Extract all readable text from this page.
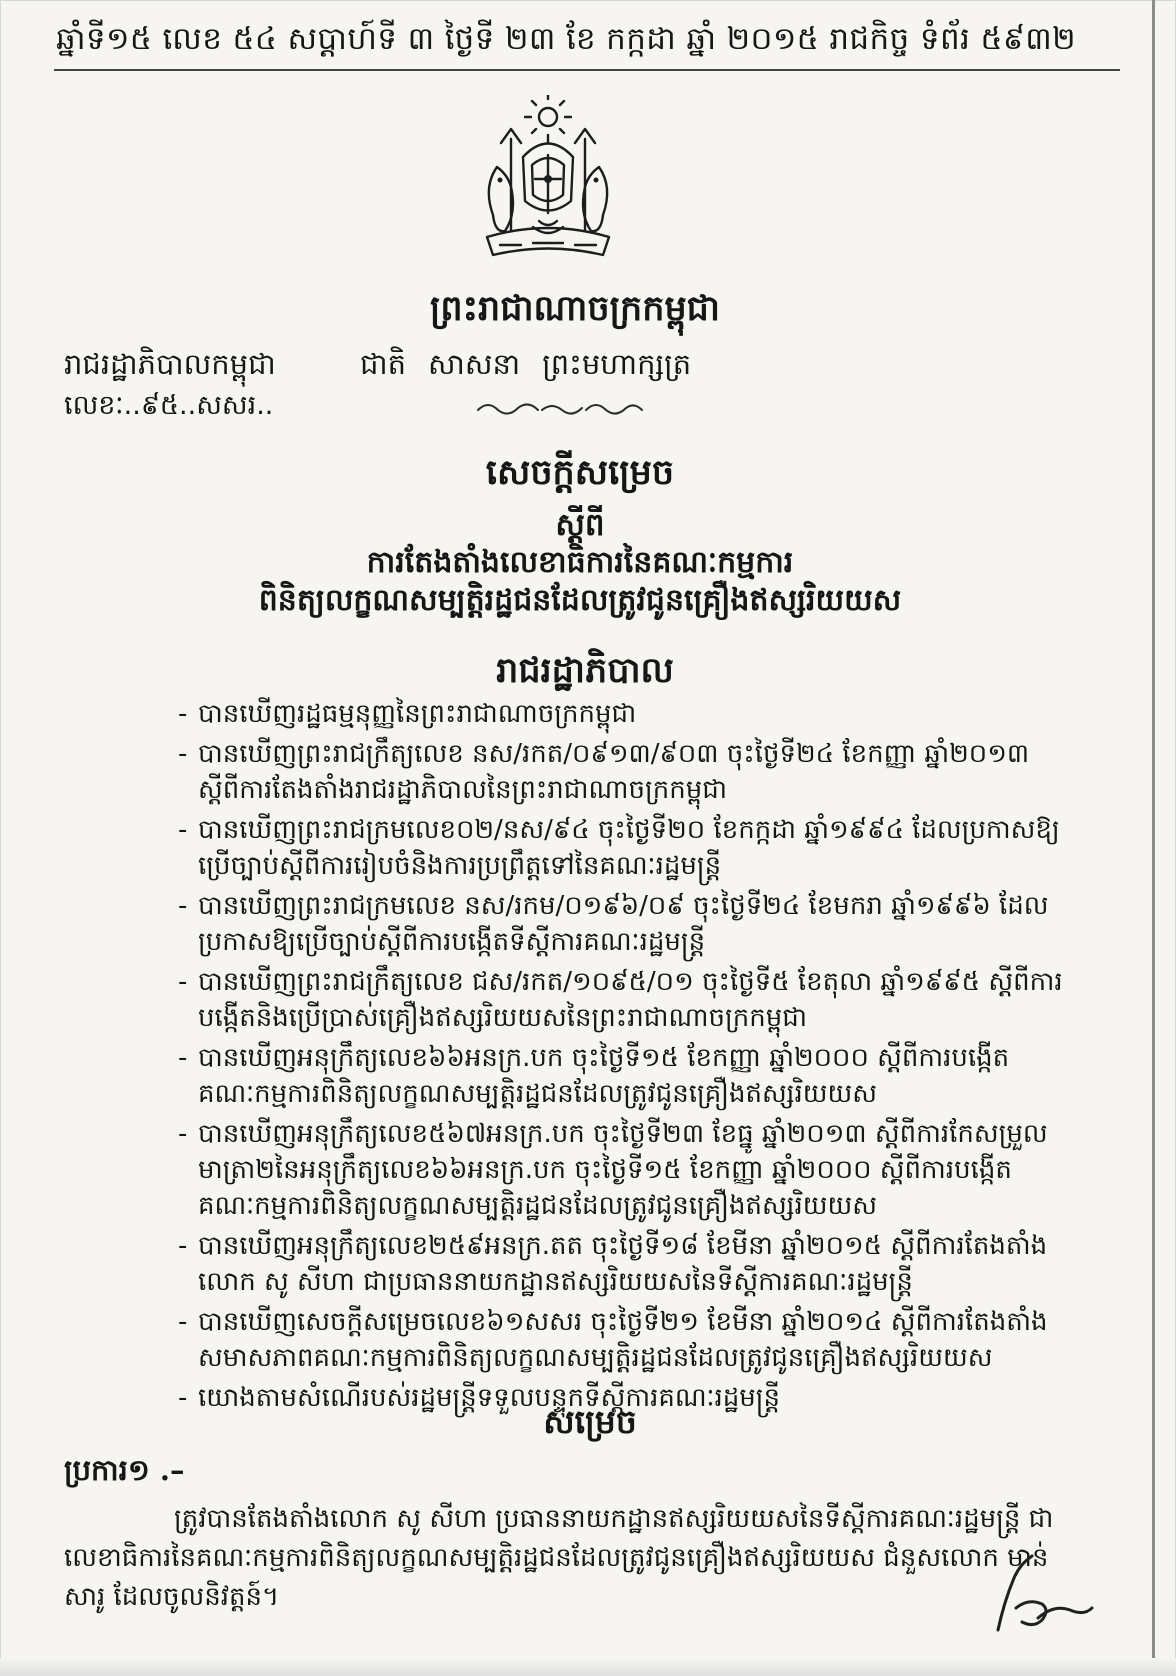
ឆ្នាំទី១៥ លេខ ៥៤ សប្ដាហ៍ទី ៣ ថ្ងៃទី ២៣ ខែ កក្កដា ឆ្នាំ ២០១៥ រាជកិច្ច ទំព័រ ៥៩៣២
ព្រះរាជាណាចក្រកម្ពុជា
រាជរដ្ឋាភិបាលកម្ពុជា
លេខៈ..៩៥..សសរ..
ជាតិ សាសនា ព្រះមហាក្សត្រ
សេចក្តីសម្រេច
ស្ដីពី
ការតែងតាំងលេខាធិការនៃគណៈកម្មការ
ពិនិត្យលក្ខណសម្បត្តិរដ្ឋជនដែលត្រូវជូនគ្រឿងឥស្សរិយយស
រាជរដ្ឋាភិបាល
- បានឃើញរដ្ឋធម្មនុញ្ញនៃព្រះរាជាណាចក្រកម្ពុជា
- បានឃើញព្រះរាជក្រឹត្យលេខ នស/រកត/០៩១៣/៩០៣ ចុះថ្ងៃទី២៤ ខែកញ្ញា ឆ្នាំ២០១៣ ស្ដីពីការតែងតាំងរាជរដ្ឋាភិបាលនៃព្រះរាជាណាចក្រកម្ពុជា
- បានឃើញព្រះរាជក្រមលេខ០២/នស/៩៤ ចុះថ្ងៃទី២០ ខែកក្កដា ឆ្នាំ១៩៩៤ ដែលប្រកាសឱ្យប្រើច្បាប់ស្ដីពីការរៀបចំនិងការប្រព្រឹត្តទៅនៃគណៈរដ្ឋមន្ត្រី
- បានឃើញព្រះរាជក្រមលេខ នស/រកម/០១៩៦/០៩ ចុះថ្ងៃទី២៤ ខែមករា ឆ្នាំ១៩៩៦ ដែលប្រកាសឱ្យប្រើច្បាប់ស្ដីពីការបង្កើតទីស្ដីការគណៈរដ្ឋមន្ត្រី
- បានឃើញព្រះរាជក្រឹត្យលេខ ជស/រកត/១០៩៥/០១ ចុះថ្ងៃទី៥ ខែតុលា ឆ្នាំ១៩៩៥ ស្ដីពីការបង្កើតនិងប្រើប្រាស់គ្រឿងឥស្សរិយយសនៃព្រះរាជាណាចក្រកម្ពុជា
- បានឃើញអនុក្រឹត្យលេខ៦៦អនក្រ.បក ចុះថ្ងៃទី១៥ ខែកញ្ញា ឆ្នាំ២០០០ ស្ដីពីការបង្កើតគណៈកម្មការពិនិត្យលក្ខណសម្បត្តិរដ្ឋជនដែលត្រូវជូនគ្រឿងឥស្សរិយយស
- បានឃើញអនុក្រឹត្យលេខ៥៦៧អនក្រ.បក ចុះថ្ងៃទី២៣ ខែធ្នូ ឆ្នាំ២០១៣ ស្ដីពីការកែសម្រួលមាត្រា២នៃអនុក្រឹត្យលេខ៦៦អនក្រ.បក ចុះថ្ងៃទី១៥ ខែកញ្ញា ឆ្នាំ២០០០ ស្ដីពីការបង្កើតគណៈកម្មការពិនិត្យលក្ខណសម្បត្តិរដ្ឋជនដែលត្រូវជូនគ្រឿងឥស្សរិយយស
- បានឃើញអនុក្រឹត្យលេខ២៥៩អនក្រ.តត ចុះថ្ងៃទី១៨ ខែមីនា ឆ្នាំ២០១៥ ស្ដីពីការតែងតាំងលោក សូ សីហា ជាប្រធាននាយកដ្ឋានឥស្សរិយយសនៃទីស្ដីការគណៈរដ្ឋមន្ត្រី
- បានឃើញសេចក្ដីសម្រេចលេខ៦១សសរ ចុះថ្ងៃទី២១ ខែមីនា ឆ្នាំ២០១៤ ស្ដីពីការតែងតាំងសមាសភាពគណៈកម្មការពិនិត្យលក្ខណសម្បត្តិរដ្ឋជនដែលត្រូវជូនគ្រឿងឥស្សរិយយស
- យោងតាមសំណើរបស់រដ្ឋមន្ត្រីទទួលបន្ទុកទីស្ដីការគណៈរដ្ឋមន្ត្រី
សម្រេច
ប្រការ១ .–
ត្រូវបានតែងតាំងលោក សូ សីហា ប្រធាននាយកដ្ឋានឥស្សរិយយសនៃទីស្ដីការគណៈរដ្ឋមន្ត្រី ជាលេខាធិការនៃគណៈកម្មការពិនិត្យលក្ខណសម្បត្តិរដ្ឋជនដែលត្រូវជូនគ្រឿងឥស្សរិយយស ជំនួសលោក មាន់ សារូ ដែលចូលនិវត្តន៍។
